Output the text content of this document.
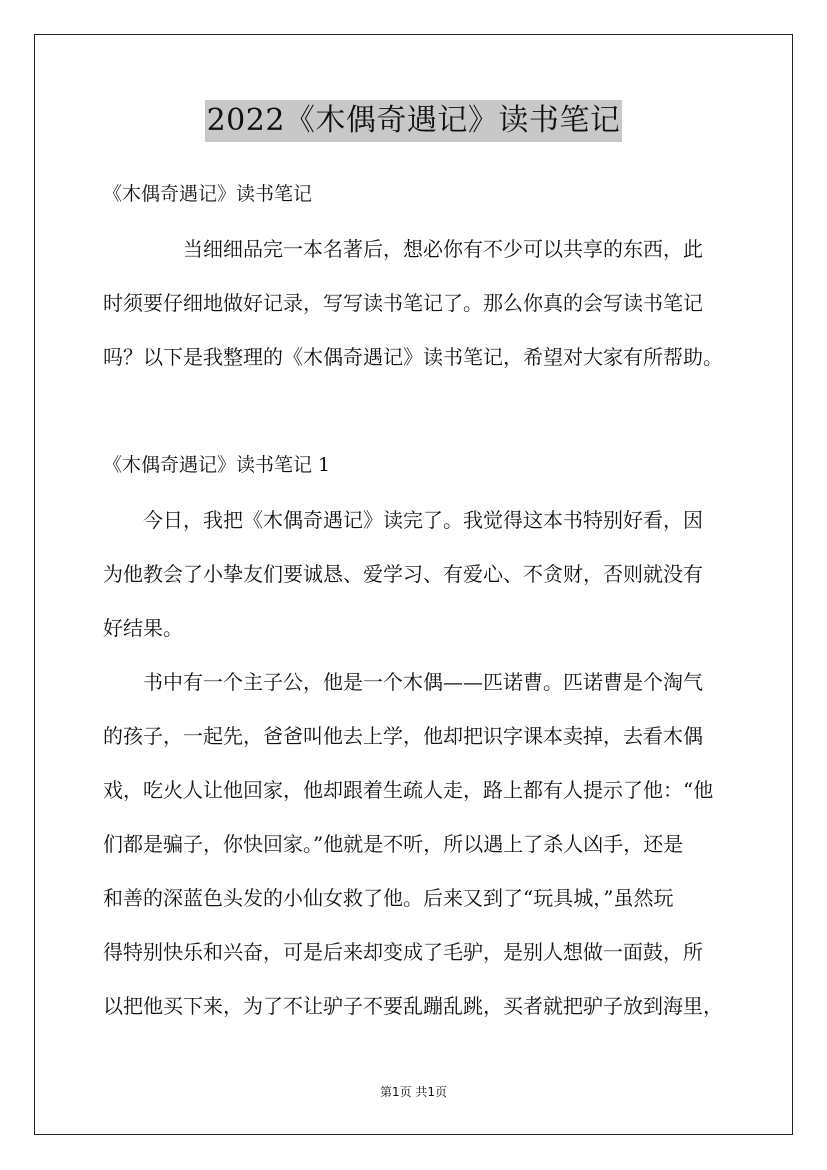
2022《木偶奇遇记》读书笔记
《木偶奇遇记》读书笔记
当细细品完一本名著后，想必你有不少可以共享的东西，此
时须要仔细地做好记录，写写读书笔记了。那么你真的会写读书笔记
吗？以下是我整理的《木偶奇遇记》读书笔记，希望对大家有所帮助。
《木偶奇遇记》读书笔记 1
今日，我把《木偶奇遇记》读完了。我觉得这本书特别好看，因
为他教会了小挚友们要诚恳、爱学习、有爱心、不贪财，否则就没有
好结果。
书中有一个主子公，他是一个木偶——匹诺曹。匹诺曹是个淘气
的孩子，一起先，爸爸叫他去上学，他却把识字课本卖掉，去看木偶
戏，吃火人让他回家，他却跟着生疏人走，路上都有人提示了他：“他
们都是骗子，你快回家。”他就是不听，所以遇上了杀人凶手，还是
和善的深蓝色头发的小仙女救了他。后来又到了“玩具城，”虽然玩
得特别快乐和兴奋，可是后来却变成了毛驴，是别人想做一面鼓，所
以把他买下来，为了不让驴子不要乱蹦乱跳，买者就把驴子放到海里，
第1页 共1页
